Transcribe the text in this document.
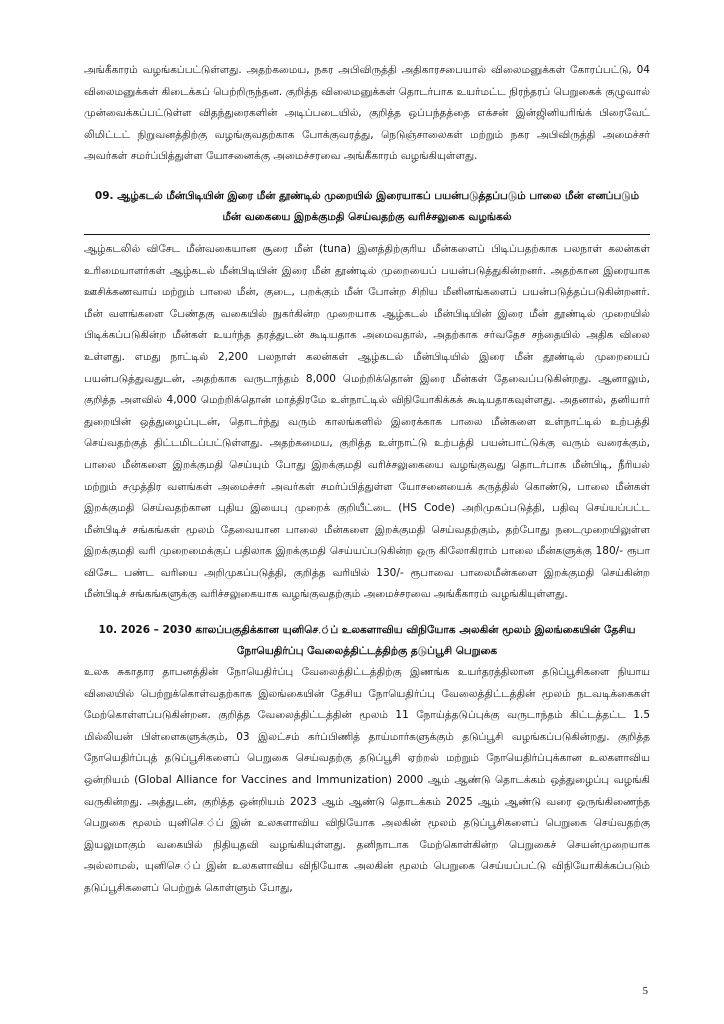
அங்கீகாரம் வழங்கப்பட்டுள்ளது. அதற்கமைய, நகர அபிவிருத்தி அதிகாரசபையால் விலைமனுக்கள் கோரப்பட்டு, 04 விலைமனுக்கள் கிடைக்கப் பெற்றிருந்தன. குறித்த விலைமனுக்கள் தொடர்பாக உயர்மட்ட நிரந்தரப் பெறுகைக் குழுவால் முன்வைக்கப்பட்டுள்ள விதந்துரைகளின் அடிப்படையில், குறித்த ஒப்பந்தத்தை எக்சன் இன்ஜினியரிங்க் பிரைவேட் லிமிட்டட் நிறுவனத்திற்கு வழங்குவதற்காக போக்குவரத்து, நெடுஞ்சாலைகள் மற்றும் நகர அபிவிருத்தி அமைச்சர் அவர்கள் சமர்ப்பித்துள்ள யோசனைக்கு அமைச்சரவை அங்கீகாரம் வழங்கியுள்ளது.

09. ஆழ்கடல் மீன்பிடியின் இரை மீன் தூண்டில் முறையில் இரையாகப் பயன்படுத்தப்படும் பாலை மீன் எனப்படும் மீன் வகையை இறக்குமதி செய்வதற்கு வரிச்சலுகை வழங்கல்

ஆழ்கடலில் விசேட மீன்வகையான சூரை மீன் (tuna) இனத்திற்குரிய மீன்களைப் பிடிப்பதற்காக பலநாள் கலன்கள் உரிமையாளர்கள் ஆழ்கடல் மீன்பிடியின் இரை மீன் தூண்டில் முறையைப் பயன்படுத்துகின்றனர். அதற்கான இரையாக ஊசிக்கணவாய் மற்றும் பாலை மீன், குடை, பறக்கும் மீன் போன்ற சிறிய மீனினங்களைப் பயன்படுத்தப்படுகின்றனர். மீன் வளங்களை பேண்தகு வகையில் நுகர்கின்ற முறையாக ஆழ்கடல் மீன்பிடியின் இரை மீன் தூண்டில் முறையில் பிடிக்கப்படுகின்ற மீன்கள் உயர்ந்த தரத்துடன் கூடியதாக அமைவதால், அதற்காக சர்வதேச சந்தையில் அதிக விலை உள்ளது. எமது நாட்டில் 2,200 பலநாள் கலன்கள் ஆழ்கடல் மீன்பிடியில் இரை மீன் தூண்டில் முறையைப் பயன்படுத்துவதுடன், அதற்காக வருடாந்தம் 8,000 மெற்றிக்தொன் இரை மீன்கள் தேவைப்படுகின்றது. ஆனாலும், குறித்த அளவில் 4,000 மெற்றிக்தொன் மாத்திரமே உள்நாட்டில் விநியோகிக்கக் கூடியதாகவுள்ளது. அதனால், தனியார் துறையின் ஒத்துழைப்புடன், தொடர்ந்து வரும் காலங்களில் இரைக்காக பாலை மீன்களை உள்நாட்டில் உற்பத்தி செய்வதற்குத் திட்டமிடப்பட்டுள்ளது. அதற்கமைய, குறித்த உள்நாட்டு உற்பத்தி பயன்பாட்டுக்கு வரும் வரைக்கும், பாலை மீன்களை இறக்குமதி செய்யும் போது இறக்குமதி வரிச்சலுகையை வழங்குவது தொடர்பாக மீன்பிடி, நீரியல் மற்றும் சமுத்திர வளங்கள் அமைச்சர் அவர்கள் சமர்ப்பித்துள்ள யோசனையைக் கருத்தில் கொண்டு, பாலை மீன்கள் இறக்குமதி செய்வதற்கான புதிய இயைபு முறைக் குறியீட்டை (HS Code) அறிமுகப்படுத்தி, பதிவு செய்யப்பட்ட மீன்பிடிச் சங்கங்கள் மூலம் தேவையான பாலை மீன்களை இறக்குமதி செய்வதற்கும், தற்போது நடைமுறையிலுள்ள இறக்குமதி வரி முறைமைக்குப் பதிலாக இறக்குமதி செய்யப்படுகின்ற ஒரு கிலோகிராம் பாலை மீன்களுக்கு 180/- ரூபா விசேட பண்ட வரியை அறிமுகப்படுத்தி, குறித்த வரியில் 130/- ரூபாவை பாலைமீன்களை இறக்குமதி செய்கின்ற மீன்பிடிச் சங்கங்களுக்கு வரிச்சலுகையாக வழங்குவதற்கும் அமைச்சரவை அங்கீகாரம் வழங்கியுள்ளது.

10. 2026 – 2030 காலப்பகுதிக்கான யுனிசெ.்ப் உலகளாவிய விநியோக அலகின் மூலம் இலங்கையின் தேசிய நோயெதிர்ப்பு வேலைத்திட்டத்திற்கு தடுப்பூசி பெறுகை

உலக சுகாதார தாபனத்தின் நோயெதிர்ப்பு வேலைத்திட்டத்திற்கு இணங்க உயர்தரத்திலான தடுப்பூசிகளை நியாய விலையில் பெற்றுக்கொள்வதற்காக இலங்கையின் தேசிய நோயெதிர்ப்பு வேலைத்திட்டத்தின் மூலம் நடவடிக்கைகள் மேற்கொள்ளப்படுகின்றன. குறித்த வேலைத்திட்டத்தின் மூலம் 11 நோய்த்தடுப்புக்கு வருடாந்தம் கிட்டத்தட்ட 1.5 மில்லியன் பிள்ளைகளுக்கும், 03 இலட்சம் கர்ப்பிணித் தாய்மார்களுக்கும் தடுப்பூசி வழங்கப்படுகின்றது. குறித்த நோயெதிர்ப்புத் தடுப்பூசிகளைப் பெறுகை செய்வதற்கு தடுப்பூசி ஏற்றல் மற்றும் நோயெதிர்ப்புக்கான உலகளாவிய ஒன்றியம் (Global Alliance for Vaccines and Immunization) 2000 ஆம் ஆண்டு தொடக்கம் ஒத்துழைப்பு வழங்கி வருகின்றது. அத்துடன், குறித்த ஒன்றியம் 2023 ஆம் ஆண்டு தொடக்கம் 2025 ஆம் ஆண்டு வரை ஒருங்கிணைந்த பெறுகை மூலம் யுனிசெ.்ப் இன் உலகளாவிய விநியோக அலகின் மூலம் தடுப்பூசிகளைப் பெறுகை செய்வதற்கு இயலுமாகும் வகையில் நிதியுதவி வழங்கியுள்ளது. தனிநாடாக மேற்கொள்கின்ற பெறுகைச் செயன்முறையாக அல்லாமல், யுனிசெ.்ப் இன் உலகளாவிய விநியோக அலகின் மூலம் பெறுகை செய்யப்பட்டு விநியோகிக்கப்படும் தடுப்பூசிகளைப் பெற்றுக் கொள்ளும் போது,

5
